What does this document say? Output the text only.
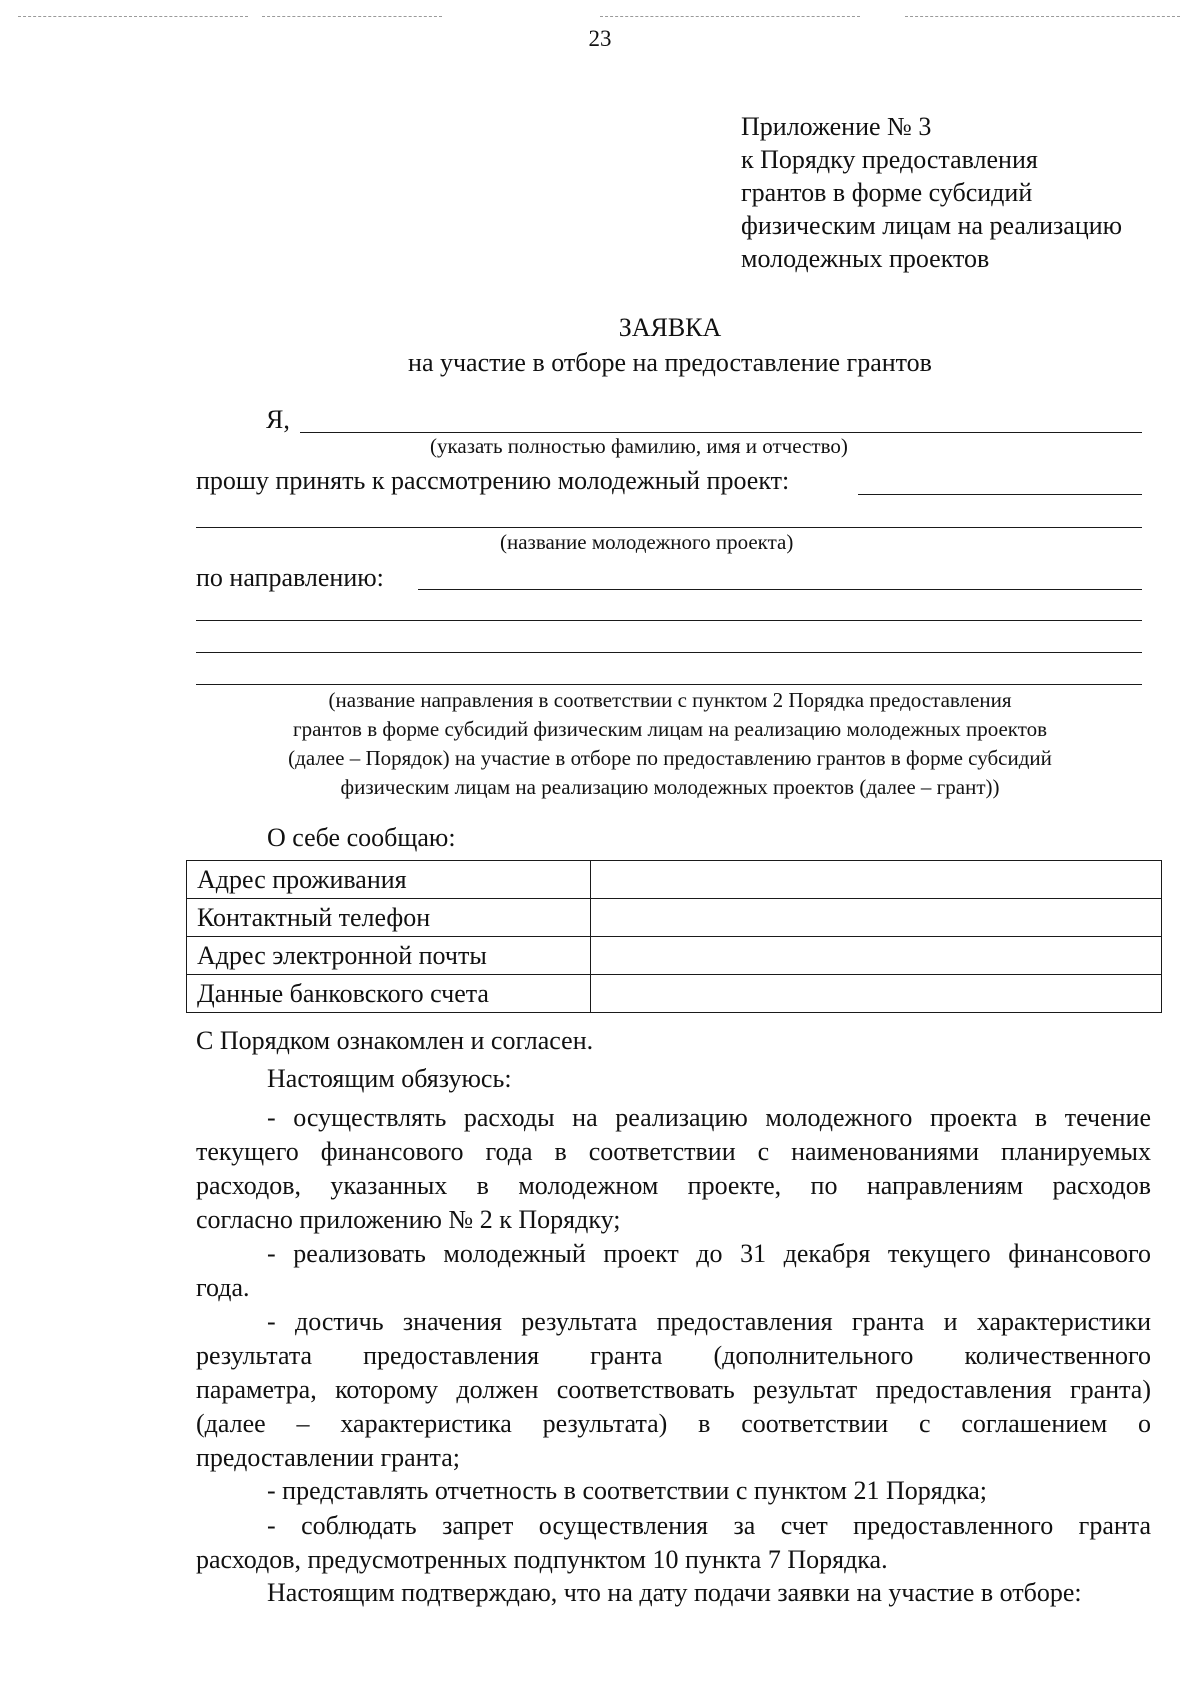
23
Приложение № 3
к Порядку предоставления
грантов в форме субсидий
физическим лицам на реализацию
молодежных проектов
ЗАЯВКА
на участие в отборе на предоставление грантов
Я,
(указать полностью фамилию, имя и отчество)
прошу принять к рассмотрению молодежный проект:
(название молодежного проекта)
по направлению:
(название направления в соответствии с пунктом 2 Порядка предоставления
грантов в форме субсидий физическим лицам на реализацию молодежных проектов
(далее – Порядок) на участие в отборе по предоставлению грантов в форме субсидий
физическим лицам на реализацию молодежных проектов (далее – грант))
О себе сообщаю:
Адрес проживания	
Контактный телефон	
Адрес электронной почты	
Данные банковского счета	
С Порядком ознакомлен и согласен.
Настоящим обязуюсь:
- осуществлять расходы на реализацию молодежного проекта в течение
текущего финансового года в соответствии с наименованиями планируемых
расходов, указанных в молодежном проекте, по направлениям расходов
согласно приложению № 2 к Порядку;
- реализовать молодежный проект до 31 декабря текущего финансового
года.
- достичь значения результата предоставления гранта и характеристики
результата предоставления гранта (дополнительного количественного
параметра, которому должен соответствовать результат предоставления гранта)
(далее – характеристика результата) в соответствии с соглашением о
предоставлении гранта;
- представлять отчетность в соответствии с пунктом 21 Порядка;
- соблюдать запрет осуществления за счет предоставленного гранта
расходов, предусмотренных подпунктом 10 пункта 7 Порядка.
Настоящим подтверждаю, что на дату подачи заявки на участие в отборе:
